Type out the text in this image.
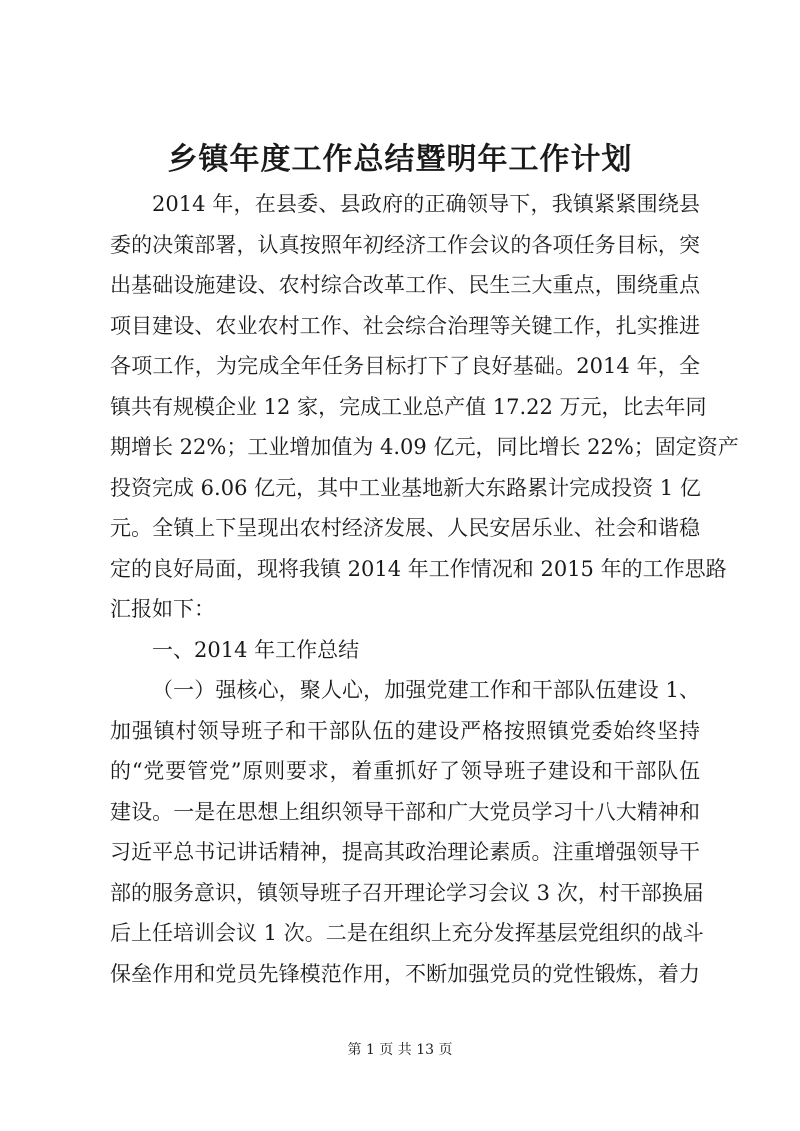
乡镇年度工作总结暨明年工作计划
2014 年，在县委、县政府的正确领导下，我镇紧紧围绕县
委的决策部署，认真按照年初经济工作会议的各项任务目标，突
出基础设施建设、农村综合改革工作、民生三大重点，围绕重点
项目建设、农业农村工作、社会综合治理等关键工作，扎实推进
各项工作，为完成全年任务目标打下了良好基础。2014 年，全
镇共有规模企业 12 家，完成工业总产值 17.22 万元，比去年同
期增长 22%；工业增加值为 4.09 亿元，同比增长 22%；固定资产
投资完成 6.06 亿元，其中工业基地新大东路累计完成投资 1 亿
元。全镇上下呈现出农村经济发展、人民安居乐业、社会和谐稳
定的良好局面，现将我镇 2014 年工作情况和 2015 年的工作思路
汇报如下：
一、2014 年工作总结
（一）强核心，聚人心，加强党建工作和干部队伍建设 1、
加强镇村领导班子和干部队伍的建设严格按照镇党委始终坚持
的“党要管党”原则要求，着重抓好了领导班子建设和干部队伍
建设。一是在思想上组织领导干部和广大党员学习十八大精神和
习近平总书记讲话精神，提高其政治理论素质。注重增强领导干
部的服务意识，镇领导班子召开理论学习会议 3 次，村干部换届
后上任培训会议 1 次。二是在组织上充分发挥基层党组织的战斗
保垒作用和党员先锋模范作用，不断加强党员的党性锻炼，着力
第 1 页 共 13 页
